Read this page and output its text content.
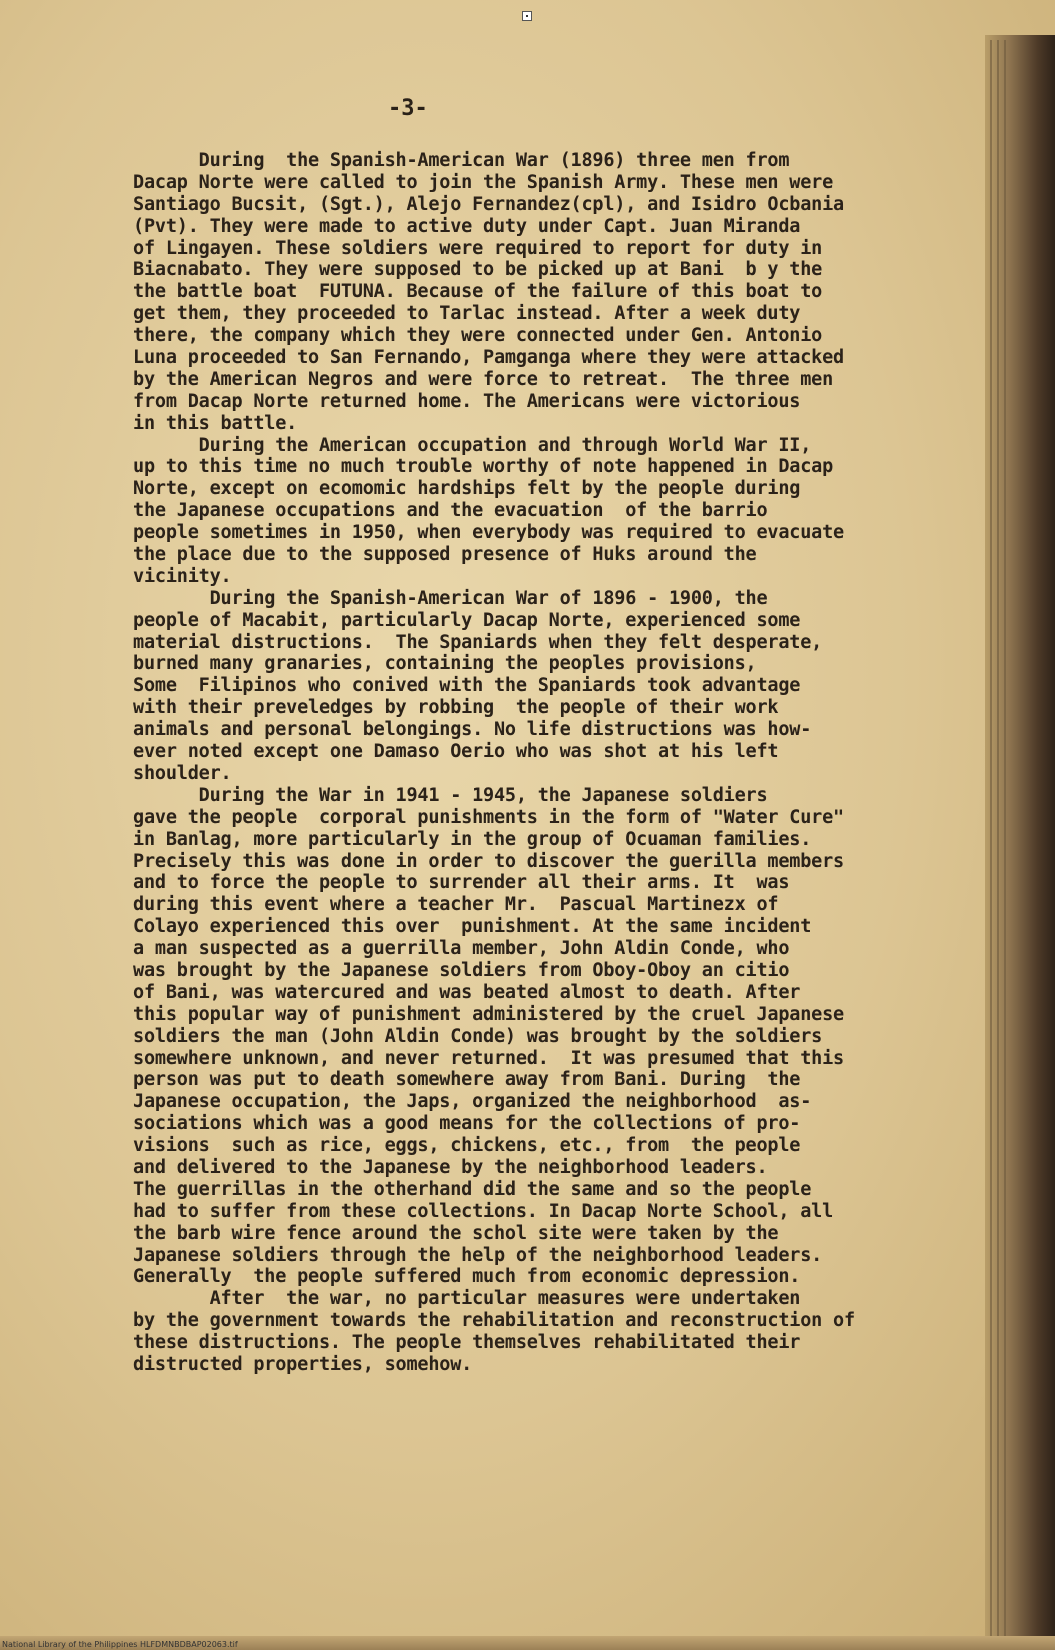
-3-
During  the Spanish-American War (1896) three men from
Dacap Norte were called to join the Spanish Army. These men were
Santiago Bucsit, (Sgt.), Alejo Fernandez(cpl), and Isidro Ocbania
(Pvt). They were made to active duty under Capt. Juan Miranda
of Lingayen. These soldiers were required to report for duty in
Biacnabato. They were supposed to be picked up at Bani  b y the
the battle boat  FUTUNA. Because of the failure of this boat to
get them, they proceeded to Tarlac instead. After a week duty
there, the company which they were connected under Gen. Antonio
Luna proceeded to San Fernando, Pamganga where they were attacked
by the American Negros and were force to retreat.  The three men
from Dacap Norte returned home. The Americans were victorious
in this battle.
During the American occupation and through World War II,
up to this time no much trouble worthy of note happened in Dacap
Norte, except on ecomomic hardships felt by the people during
the Japanese occupations and the evacuation  of the barrio
people sometimes in 1950, when everybody was required to evacuate
the place due to the supposed presence of Huks around the
vicinity.
During the Spanish-American War of 1896 - 1900, the
people of Macabit, particularly Dacap Norte, experienced some
material distructions.  The Spaniards when they felt desperate,
burned many granaries, containing the peoples provisions,
Some  Filipinos who conived with the Spaniards took advantage
with their preveledges by robbing  the people of their work
animals and personal belongings. No life distructions was how-
ever noted except one Damaso Oerio who was shot at his left
shoulder.
During the War in 1941 - 1945, the Japanese soldiers
gave the people  corporal punishments in the form of "Water Cure"
in Banlag, more particularly in the group of Ocuaman families.
Precisely this was done in order to discover the guerilla members
and to force the people to surrender all their arms. It  was
during this event where a teacher Mr.  Pascual Martinezx of
Colayo experienced this over  punishment. At the same incident
a man suspected as a guerrilla member, John Aldin Conde, who
was brought by the Japanese soldiers from Oboy-Oboy an citio
of Bani, was watercured and was beated almost to death. After
this popular way of punishment administered by the cruel Japanese
soldiers the man (John Aldin Conde) was brought by the soldiers
somewhere unknown, and never returned.  It was presumed that this
person was put to death somewhere away from Bani. During  the
Japanese occupation, the Japs, organized the neighborhood  as-
sociations which was a good means for the collections of pro-
visions  such as rice, eggs, chickens, etc., from  the people
and delivered to the Japanese by the neighborhood leaders.
The guerrillas in the otherhand did the same and so the people
had to suffer from these collections. In Dacap Norte School, all
the barb wire fence around the schol site were taken by the
Japanese soldiers through the help of the neighborhood leaders.
Generally  the people suffered much from economic depression.
After  the war, no particular measures were undertaken
by the government towards the rehabilitation and reconstruction of
these distructions. The people themselves rehabilitated their
distructed properties, somehow.
National Library of the Philippines HLFDMNBDBAP02063.tif
